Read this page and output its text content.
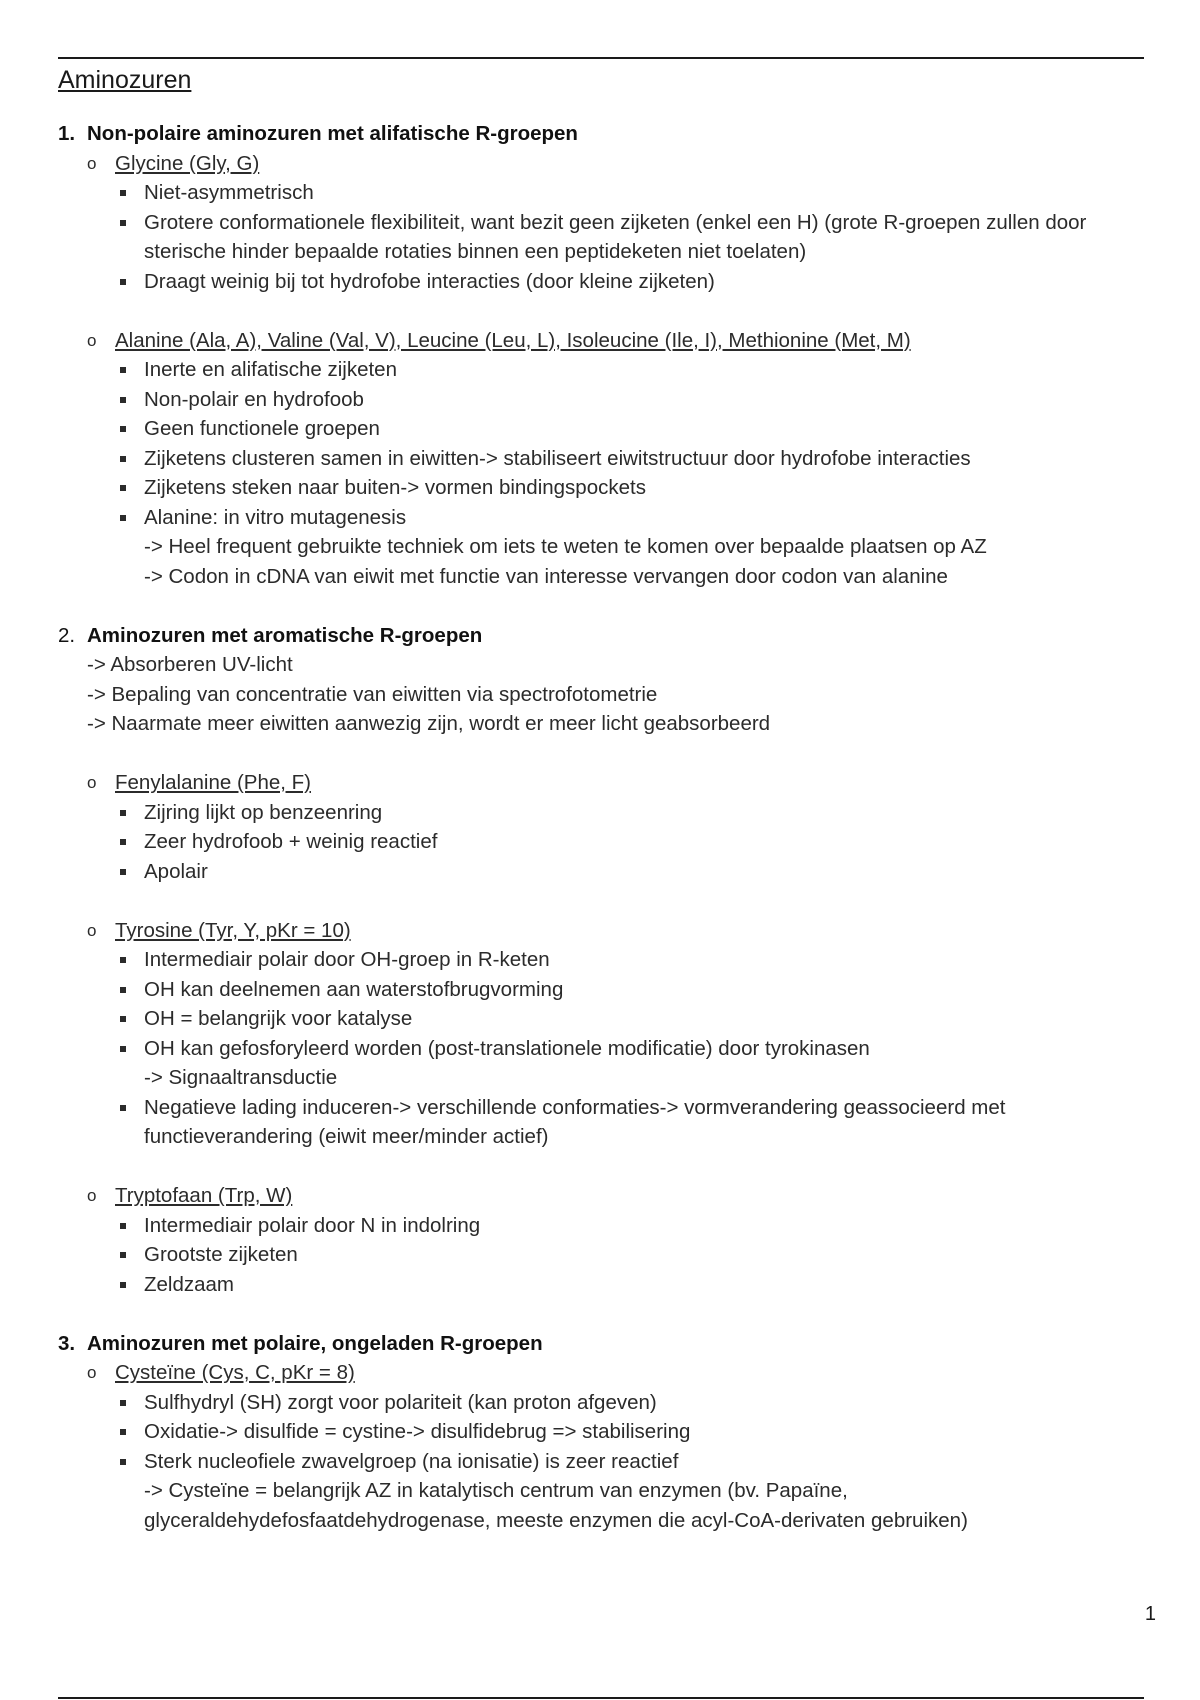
Aminozuren
1. Non-polaire aminozuren met alifatische R-groepen
o Glycine (Gly, G)
Niet-asymmetrisch
Grotere conformationele flexibiliteit, want bezit geen zijketen (enkel een H) (grote R-groepen zullen door sterische hinder bepaalde rotaties binnen een peptideketen niet toelaten)
Draagt weinig bij tot hydrofobe interacties (door kleine zijketen)
o Alanine (Ala, A), Valine (Val, V), Leucine (Leu, L), Isoleucine (Ile, I), Methionine (Met, M)
Inerte en alifatische zijketen
Non-polair en hydrofoob
Geen functionele groepen
Zijketens clusteren samen in eiwitten-> stabiliseert eiwitstructuur door hydrofobe interacties
Zijketens steken naar buiten-> vormen bindingspockets
Alanine: in vitro mutagenesis
-> Heel frequent gebruikte techniek om iets te weten te komen over bepaalde plaatsen op AZ
-> Codon in cDNA van eiwit met functie van interesse vervangen door codon van alanine
2. Aminozuren met aromatische R-groepen
-> Absorberen UV-licht
-> Bepaling van concentratie van eiwitten via spectrofotometrie
-> Naarmate meer eiwitten aanwezig zijn, wordt er meer licht geabsorbeerd
o Fenylalanine (Phe, F)
Zijring lijkt op benzeenring
Zeer hydrofoob + weinig reactief
Apolair
o Tyrosine (Tyr, Y, pKr = 10)
Intermediair polair door OH-groep in R-keten
OH kan deelnemen aan waterstofbrugvorming
OH = belangrijk voor katalyse
OH kan gefosforyleerd worden (post-translationele modificatie) door tyrokinasen
-> Signaaltransductie
Negatieve lading induceren-> verschillende conformaties-> vormverandering geassocieerd met functieverandering (eiwit meer/minder actief)
o Tryptofaan (Trp, W)
Intermediair polair door N in indolring
Grootste zijketen
Zeldzaam
3. Aminozuren met polaire, ongeladen R-groepen
o Cysteïne (Cys, C, pKr = 8)
Sulfhydryl (SH) zorgt voor polariteit (kan proton afgeven)
Oxidatie-> disulfide = cystine-> disulfidebrug => stabilisering
Sterk nucleofiele zwavelgroep (na ionisatie) is zeer reactief
-> Cysteïne = belangrijk AZ in katalytisch centrum van enzymen (bv. Papaïne, glyceraldehydefosfaatdehydrogenase, meeste enzymen die acyl-CoA-derivaten gebruiken)
1
